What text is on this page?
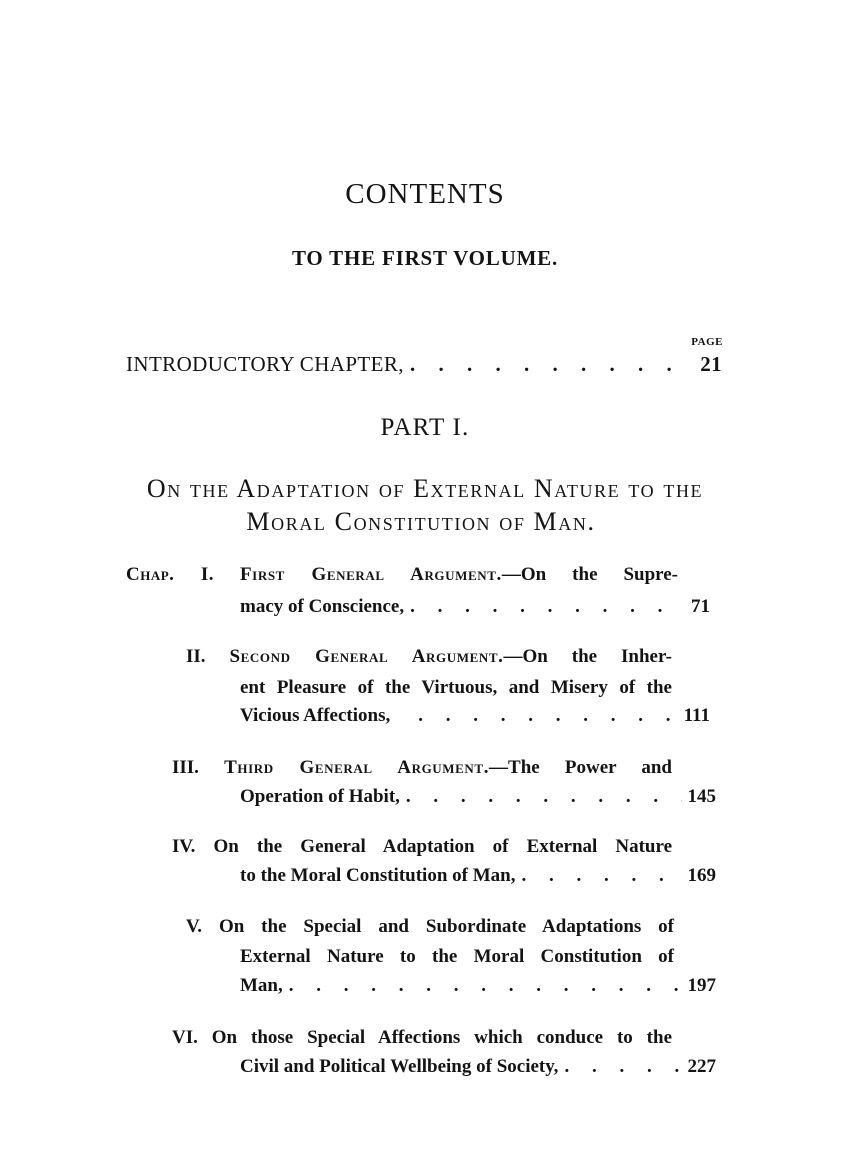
CONTENTS
TO THE FIRST VOLUME.
PAGE
INTRODUCTORY CHAPTER, . . .	21
PART I.
On the Adaptation of External Nature to the
Moral Constitution of Man.
Chap. I. First General Argument.—On the Supre-
macy of Conscience, . . .	71
II. Second General Argument.—On the Inher-
ent Pleasure of the Virtuous, and Misery of the
Vicious Affections, . . .	111
III. Third General Argument.—The Power and
Operation of Habit, . . .	145
IV. On the General Adaptation of External Nature
to the Moral Constitution of Man, . . .	169
V. On the Special and Subordinate Adaptations of
External Nature to the Moral Constitution of
Man, . . .	197
VI. On those Special Affections which conduce to the
Civil and Political Wellbeing of Society, . . .	227
